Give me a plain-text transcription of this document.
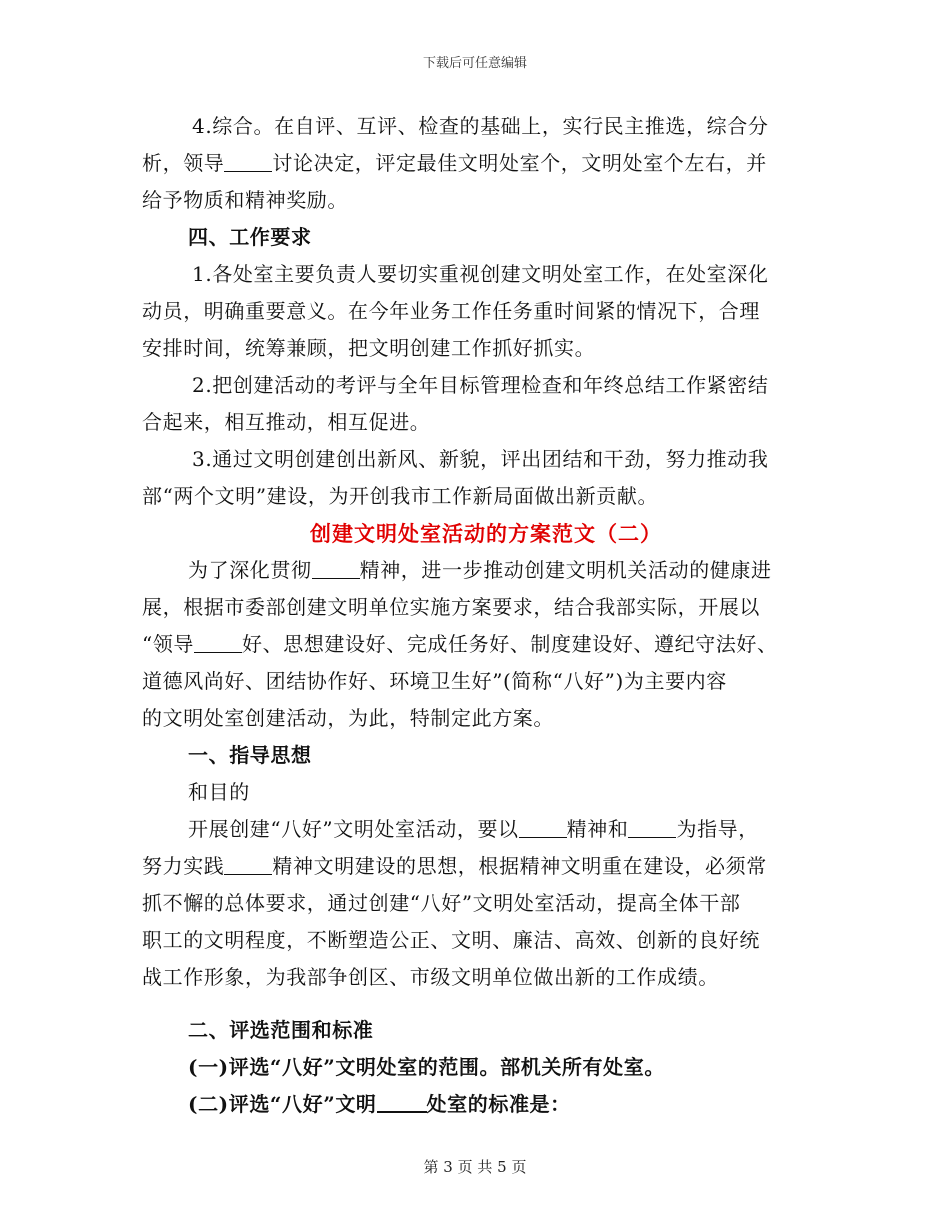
下载后可任意编辑
4.综合。在自评、互评、检查的基础上，实行民主推选，综合分
析，领导 讨论决定，评定最佳文明处室个，文明处室个左右，并
给予物质和精神奖励。
四、工作要求
1.各处室主要负责人要切实重视创建文明处室工作，在处室深化
动员，明确重要意义。在今年业务工作任务重时间紧的情况下，合理
安排时间，统筹兼顾，把文明创建工作抓好抓实。
2.把创建活动的考评与全年目标管理检查和年终总结工作紧密结
合起来，相互推动，相互促进。
3.通过文明创建创出新风、新貌，评出团结和干劲，努力推动我
部“两个文明”建设，为开创我市工作新局面做出新贡献。
创建文明处室活动的方案范文（二）
为了深化贯彻 精神，进一步推动创建文明机关活动的健康进
展，根据市委部创建文明单位实施方案要求，结合我部实际，开展以
“领导 好、思想建设好、完成任务好、制度建设好、遵纪守法好、
道德风尚好、团结协作好、环境卫生好”(简称“八好”)为主要内容
的文明处室创建活动，为此，特制定此方案。
一、指导思想
和目的
开展创建“八好”文明处室活动，要以 精神和 为指导，
努力实践 精神文明建设的思想，根据精神文明重在建设，必须常
抓不懈的总体要求，通过创建“八好”文明处室活动，提高全体干部
职工的文明程度，不断塑造公正、文明、廉洁、高效、创新的良好统
战工作形象，为我部争创区、市级文明单位做出新的工作成绩。
二、评选范围和标准
(一)评选“八好”文明处室的范围。部机关所有处室。
(二)评选“八好”文明	处室的标准是：
第 3 页 共 5 页
